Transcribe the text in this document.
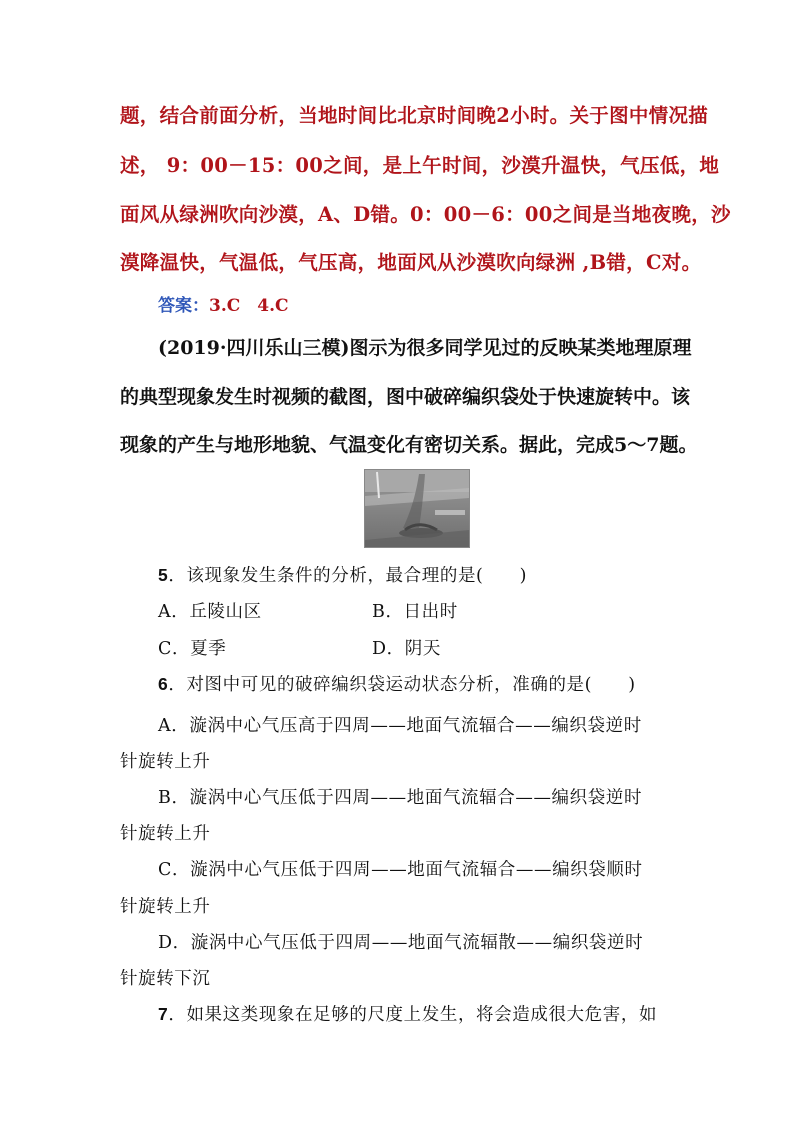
题，结合前面分析，当地时间比北京时间晚2小时。关于图中情况描
述， 9：00－15：00之间，是上午时间，沙漠升温快，气压低，地
面风从绿洲吹向沙漠，A、D错。0：00－6：00之间是当地夜晚，沙
漠降温快，气温低，气压高，地面风从沙漠吹向绿洲 ,B错，C对。
答案：3.C　4.C
(2019·四川乐山三模)图示为很多同学见过的反映某类地理原理
的典型现象发生时视频的截图，图中破碎编织袋处于快速旋转中。该
现象的产生与地形地貌、气温变化有密切关系。据此，完成5～7题。
5．该现象发生条件的分析，最合理的是(　　)
A．丘陵山区	B．日出时
C．夏季	D．阴天
6．对图中可见的破碎编织袋运动状态分析，准确的是(　　)
A．漩涡中心气压高于四周——地面气流辐合——编织袋逆时
针旋转上升
B．漩涡中心气压低于四周——地面气流辐合——编织袋逆时
针旋转上升
C．漩涡中心气压低于四周——地面气流辐合——编织袋顺时
针旋转上升
D．漩涡中心气压低于四周——地面气流辐散——编织袋逆时
针旋转下沉
7．如果这类现象在足够的尺度上发生，将会造成很大危害，如
